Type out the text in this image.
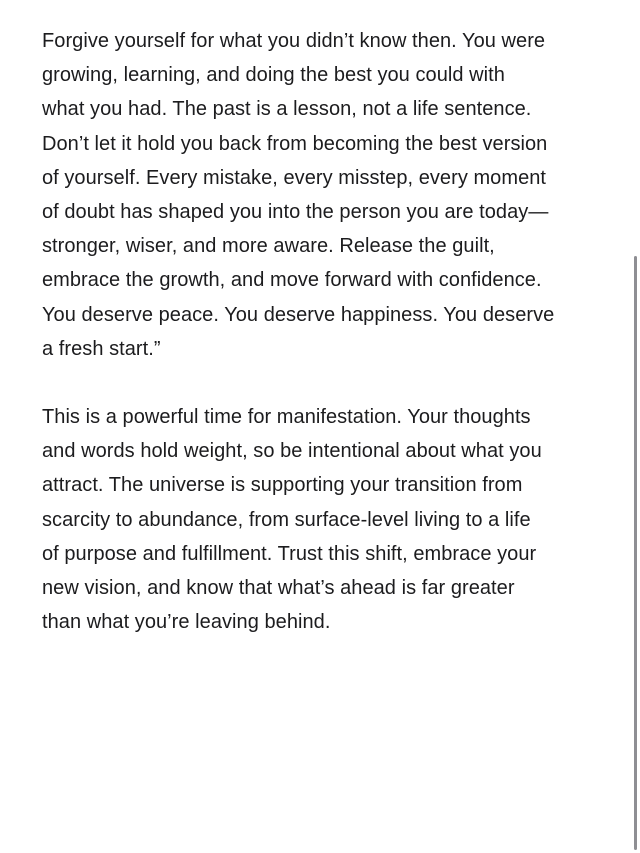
Forgive yourself for what you didn’t know then. You were
growing, learning, and doing the best you could with
what you had. The past is a lesson, not a life sentence.
Don’t let it hold you back from becoming the best version
of yourself. Every mistake, every misstep, every moment
of doubt has shaped you into the person you are today—
stronger, wiser, and more aware. Release the guilt,
embrace the growth, and move forward with confidence.
You deserve peace. You deserve happiness. You deserve
a fresh start.”

This is a powerful time for manifestation. Your thoughts
and words hold weight, so be intentional about what you
attract. The universe is supporting your transition from
scarcity to abundance, from surface-level living to a life
of purpose and fulfillment. Trust this shift, embrace your
new vision, and know that what’s ahead is far greater
than what you’re leaving behind.
